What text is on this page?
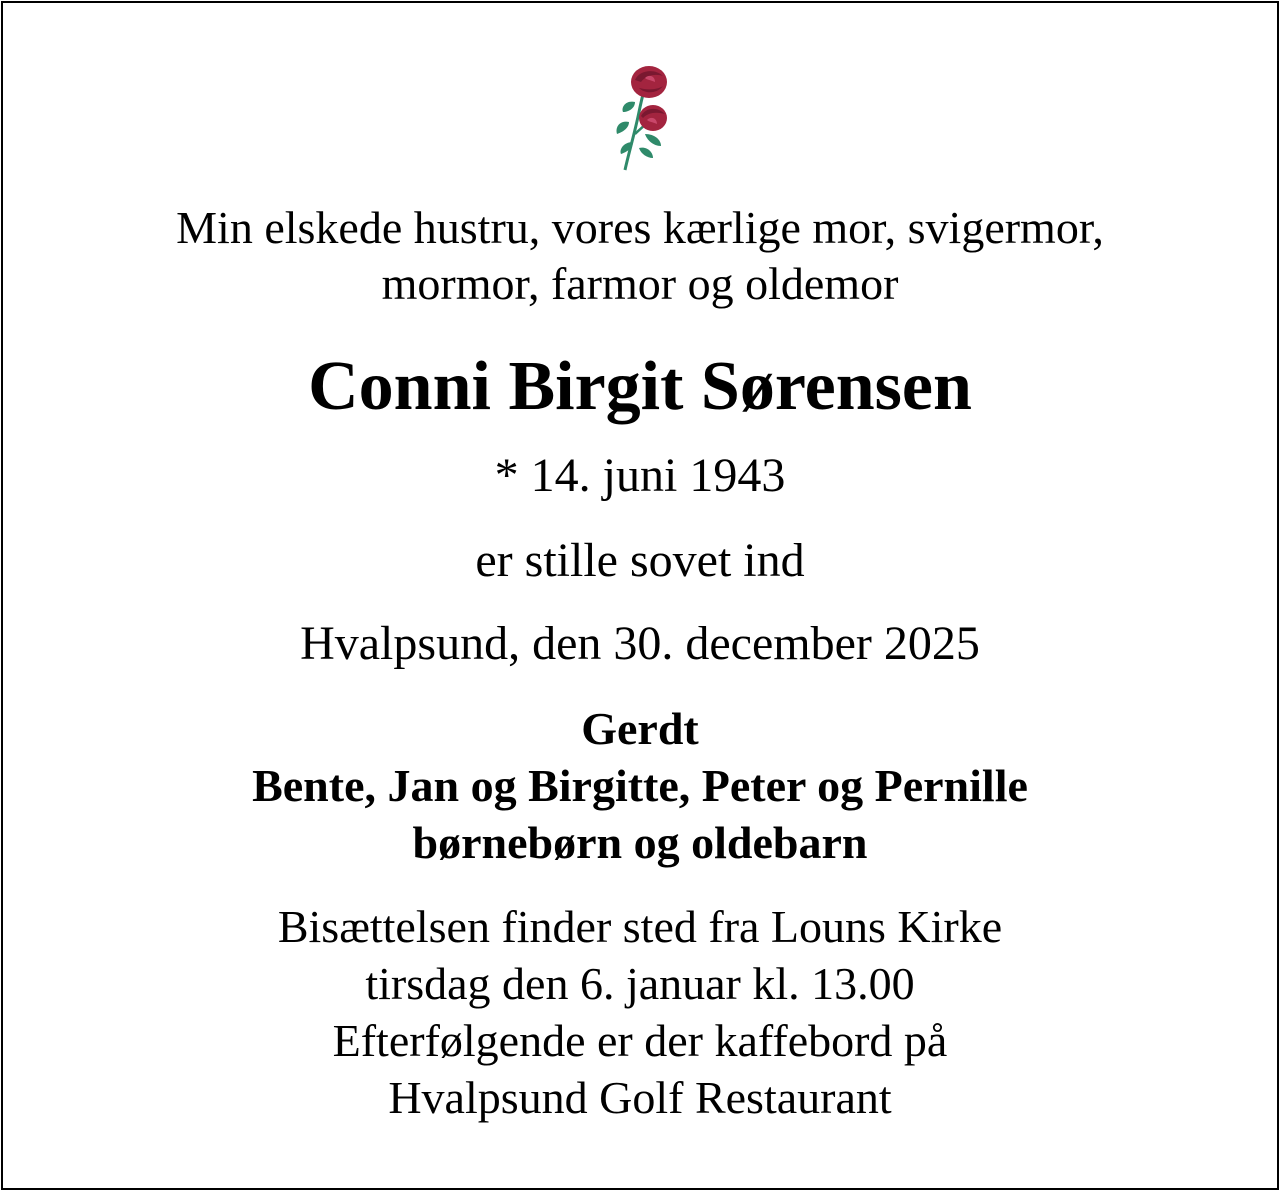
Min elskede hustru, vores kærlige mor, svigermor,
mormor, farmor og oldemor
Conni Birgit Sørensen
* 14. juni 1943
er stille sovet ind
Hvalpsund, den 30. december 2025
Gerdt
Bente, Jan og Birgitte, Peter og Pernille
børnebørn og oldebarn
Bisættelsen finder sted fra Louns Kirke
tirsdag den 6. januar kl. 13.00
Efterfølgende er der kaffebord på
Hvalpsund Golf Restaurant
